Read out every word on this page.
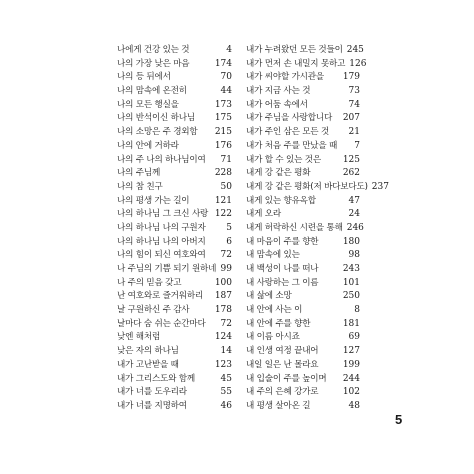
나에게 건강 있는 것	4
나의 가장 낮은 마음	174
나의 등 뒤에서	70
나의 맘속에 온전히	44
나의 모든 행실을	173
나의 반석이신 하나님	175
나의 소망은 주 경외함	215
나의 안에 거하라	176
나의 주 나의 하나님이여	71
나의 주님께	228
나의 참 친구	50
나의 평생 가는 길이	121
나의 하나님 그 크신 사랑 122
나의 하나님 나의 구원자	5
나의 하나님 나의 아버지	6
나의 힘이 되신 여호와여	72
나 주님의 기쁨 되기 원하네 99
나 주의 믿음 갖고	100
난 여호와로 즐거워하리	187
날 구원하신 주 감사	178
날마다 숨 쉬는 순간마다	72
낮엔 해처럼	124
낮은 자의 하나님	14
내가 고난받을 때	123
내가 그리스도와 함께	45
내가 너를 도우리라	55
내가 너를 지명하여	46
내가 누려왔던 모든 것들이 245
내가 먼저 손 내밀지 못하고 126
내가 씨야할 가시관을	179
내가 지금 사는 것	73
내가 어둠 속에서	74
내가 주님을 사랑합니다	207
내가 주인 삼은 모든 것	21
내가 처음 주를 만났을 때	7
내가 할 수 있는 것은	125
내게 강 같은 평화	262
내게 강 같은 평화(저 바다보다도) 237
내게 있는 향유옥합	47
내게 오라	24
내게 허락하신 시련을 통해 246
내 마음이 주를 향한	180
내 맘속에 있는	98
내 백성이 나를 떠나	243
내 사랑하는 그 이름	101
내 삶에 소망	250
내 안에 사는 이	8
내 안에 주를 향한	181
내 이름 아시죠	69
내 인생 여정 끝내어	127
내일 일은 난 몰라요	199
내 입술이 주를 높이며	244
내 주의 은혜 강가로	102
내 평생 살아온 길	48
5
